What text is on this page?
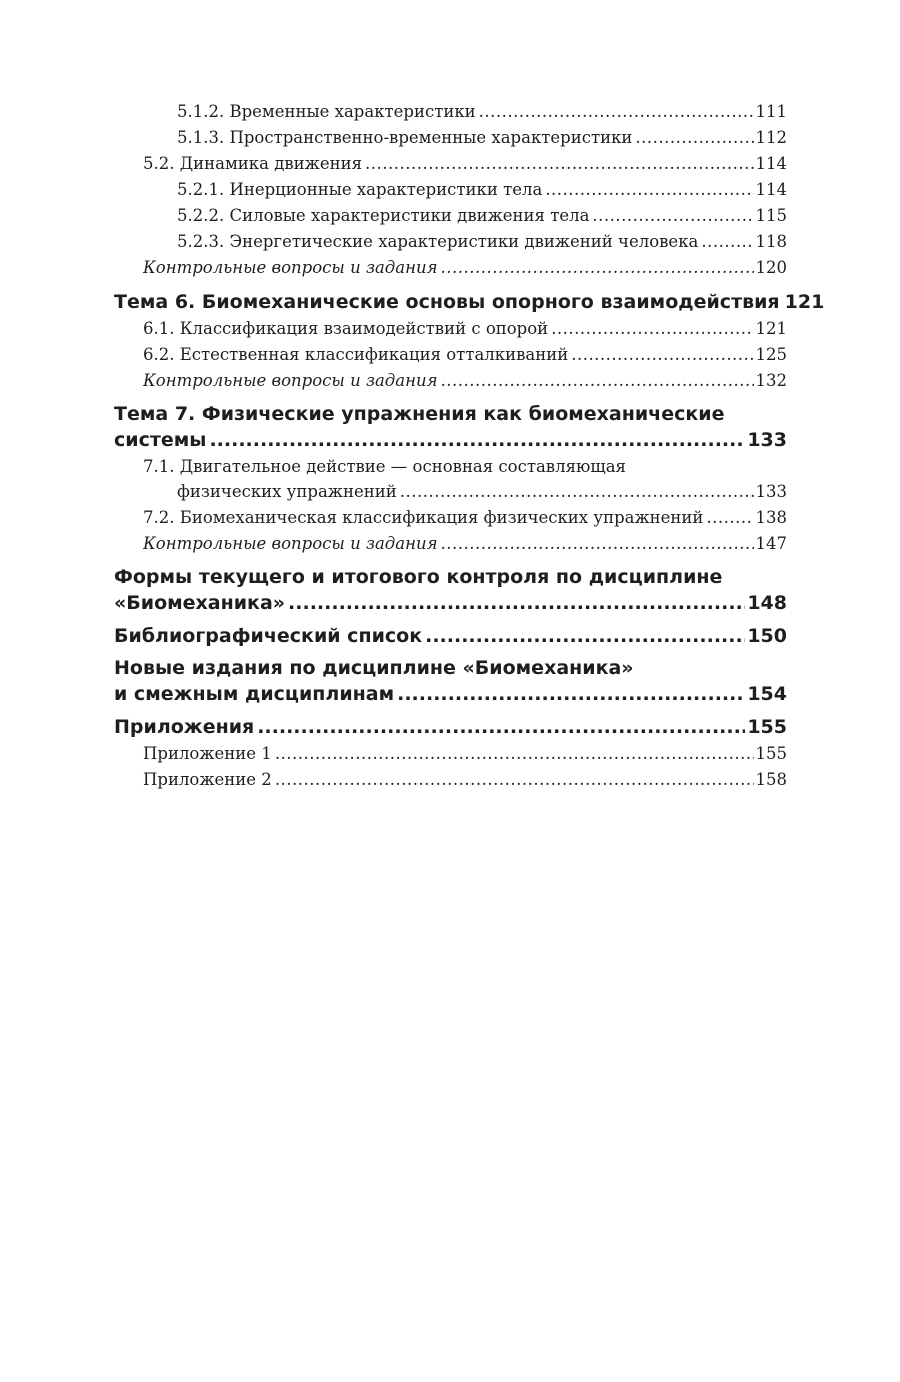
5.1.2. Временные характеристики .....	111
5.1.3. Пространственно-временные характеристики .....	112
5.2. Динамика движения .....	114
5.2.1. Инерционные характеристики тела .....	114
5.2.2. Силовые характеристики движения тела .....	115
5.2.3. Энергетические характеристики движений человека .....	118
Контрольные вопросы и задания .....	120
Тема 6. Биомеханические основы опорного взаимодействия 121
6.1. Классификация взаимодействий с опорой .....	121
6.2. Естественная классификация отталкиваний .....	125
Контрольные вопросы и задания .....	132
Тема 7. Физические упражнения как биомеханические
системы .....	133
7.1. Двигательное действие — основная составляющая
физических упражнений .....	133
7.2. Биомеханическая классификация физических упражнений .....	138
Контрольные вопросы и задания .....	147
Формы текущего и итогового контроля по дисциплине
«Биомеханика» .....	148
Библиографический список .....	150
Новые издания по дисциплине «Биомеханика»
и смежным дисциплинам .....	154
Приложения .....	155
Приложение 1 .....	155
Приложение 2 .....	158
